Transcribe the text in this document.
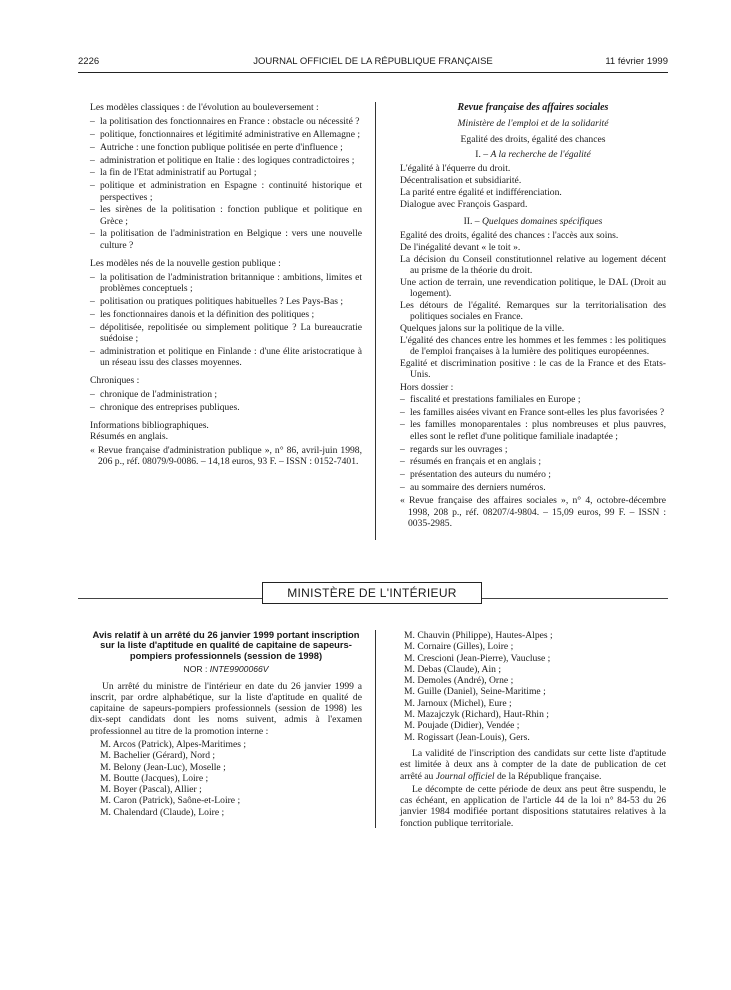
2226	JOURNAL OFFICIEL DE LA RÉPUBLIQUE FRANÇAISE	11 février 1999
Les modèles classiques : de l'évolution au bouleversement :
– la politisation des fonctionnaires en France : obstacle ou nécessité ?
– politique, fonctionnaires et légitimité administrative en Allemagne ;
– Autriche : une fonction publique politisée en perte d'influence ;
– administration et politique en Italie : des logiques contradictoires ;
– la fin de l'Etat administratif au Portugal ;
– politique et administration en Espagne : continuité historique et perspectives ;
– les sirènes de la politisation : fonction publique et politique en Grèce ;
– la politisation de l'administration en Belgique : vers une nouvelle culture ?
Les modèles nés de la nouvelle gestion publique :
– la politisation de l'administration britannique : ambitions, limites et problèmes conceptuels ;
– politisation ou pratiques politiques habituelles ? Les Pays-Bas ;
– les fonctionnaires danois et la définition des politiques ;
– dépolitisée, repolitisée ou simplement politique ? La bureaucratie suédoise ;
– administration et politique en Finlande : d'une élite aristocratique à un réseau issu des classes moyennes.
Chroniques :
– chronique de l'administration ;
– chronique des entreprises publiques.

Informations bibliographiques.

Résumés en anglais.

« Revue française d'administration publique », n° 86, avril-juin 1998, 206 p., réf. 08079/9-0086. – 14,18 euros, 93 F. – ISSN : 0152-7401.

Revue française des affaires sociales
Ministère de l'emploi et de la solidarité
Egalité des droits, égalité des chances
I. – A la recherche de l'égalité

L'égalité à l'équerre du droit.

Décentralisation et subsidiarité.

La parité entre égalité et indifférenciation.

Dialogue avec François Gaspard.

II. – Quelques domaines spécifiques

Egalité des droits, égalité des chances : l'accès aux soins.

De l'inégalité devant « le toit ».

La décision du Conseil constitutionnel relative au logement décent au prisme de la théorie du droit.

Une action de terrain, une revendication politique, le DAL (Droit au logement).

Les détours de l'égalité. Remarques sur la territorialisation des politiques sociales en France.

Quelques jalons sur la politique de la ville.

L'égalité des chances entre les hommes et les femmes : les politiques de l'emploi françaises à la lumière des politiques européennes.

Egalité et discrimination positive : le cas de la France et des Etats-Unis.

Hors dossier :
– fiscalité et prestations familiales en Europe ;
– les familles aisées vivant en France sont-elles les plus favorisées ?
– les familles monoparentales : plus nombreuses et plus pauvres, elles sont le reflet d'une politique familiale inadaptée ;
– regards sur les ouvrages ;
– résumés en français et en anglais ;
– présentation des auteurs du numéro ;
– au sommaire des derniers numéros.

« Revue française des affaires sociales », n° 4, octobre-décembre 1998, 208 p., réf. 08207/4-9804. – 15,09 euros, 99 F. – ISSN : 0035-2985.

MINISTÈRE DE L'INTÉRIEUR
Avis relatif à un arrêté du 26 janvier 1999 portant inscription sur la liste d'aptitude en qualité de capitaine de sapeurs-pompiers professionnels (session de 1998)
NOR : INTE9900066V

Un arrêté du ministre de l'intérieur en date du 26 janvier 1999 a inscrit, par ordre alphabétique, sur la liste d'aptitude en qualité de capitaine de sapeurs-pompiers professionnels (session de 1998) les dix-sept candidats dont les noms suivent, admis à l'examen professionnel au titre de la promotion interne :

M. Arcos (Patrick), Alpes-Maritimes ;

M. Bachelier (Gérard), Nord ;

M. Belony (Jean-Luc), Moselle ;

M. Boutte (Jacques), Loire ;

M. Boyer (Pascal), Allier ;

M. Caron (Patrick), Saône-et-Loire ;

M. Chalendard (Claude), Loire ;

M. Chauvin (Philippe), Hautes-Alpes ;

M. Cornaire (Gilles), Loire ;

M. Crescioni (Jean-Pierre), Vaucluse ;

M. Debas (Claude), Ain ;

M. Demoles (André), Orne ;

M. Guille (Daniel), Seine-Maritime ;

M. Jarnoux (Michel), Eure ;

M. Mazajczyk (Richard), Haut-Rhin ;

M. Poujade (Didier), Vendée ;

M. Rogissart (Jean-Louis), Gers.

La validité de l'inscription des candidats sur cette liste d'aptitude est limitée à deux ans à compter de la date de publication de cet arrêté au Journal officiel de la République française.

Le décompte de cette période de deux ans peut être suspendu, le cas échéant, en application de l'article 44 de la loi n° 84-53 du 26 janvier 1984 modifiée portant dispositions statutaires relatives à la fonction publique territoriale.
